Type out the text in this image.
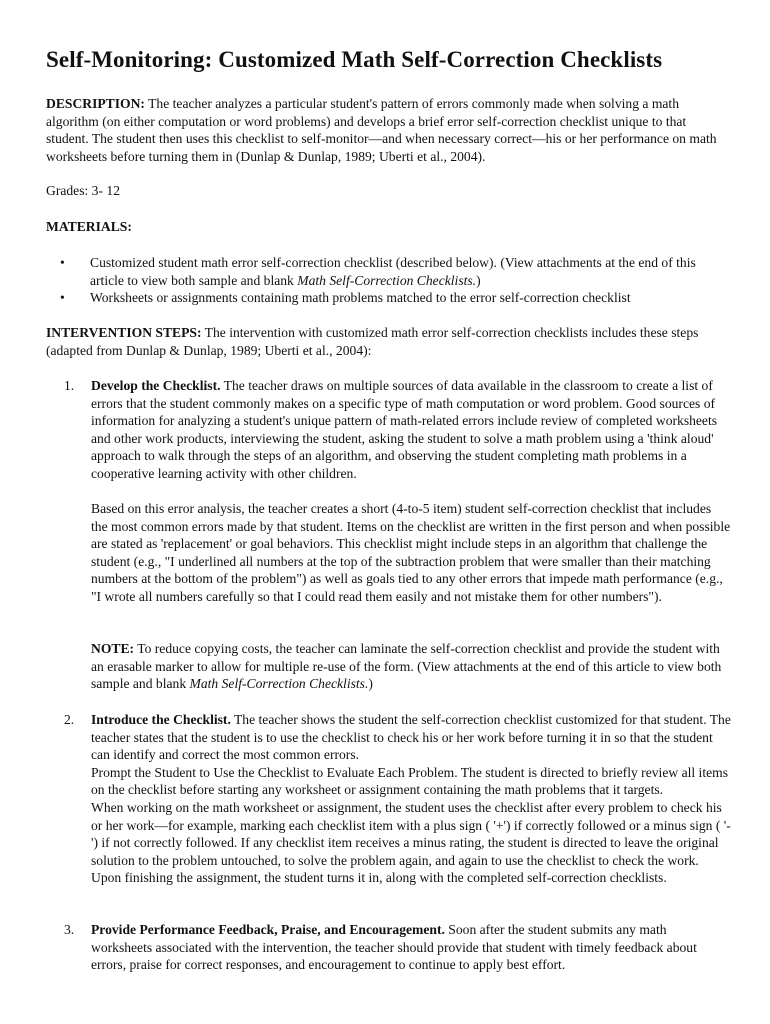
Self-Monitoring: Customized Math Self-Correction Checklists

DESCRIPTION: The teacher analyzes a particular student's pattern of errors commonly made when solving a math algorithm (on either computation or word problems) and develops a brief error self-correction checklist unique to that student. The student then uses this checklist to self-monitor—and when necessary correct—his or her performance on math worksheets before turning them in (Dunlap & Dunlap, 1989; Uberti et al., 2004).

Grades: 3- 12

MATERIALS:

• Customized student math error self-correction checklist (described below). (View attachments at the end of this article to view both sample and blank Math Self-Correction Checklists.)
• Worksheets or assignments containing math problems matched to the error self-correction checklist

INTERVENTION STEPS: The intervention with customized math error self-correction checklists includes these steps (adapted from Dunlap & Dunlap, 1989; Uberti et al., 2004):

1. Develop the Checklist. The teacher draws on multiple sources of data available in the classroom to create a list of errors that the student commonly makes on a specific type of math computation or word problem. Good sources of information for analyzing a student's unique pattern of math-related errors include review of completed worksheets and other work products, interviewing the student, asking the student to solve a math problem using a 'think aloud' approach to walk through the steps of an algorithm, and observing the student completing math problems in a cooperative learning activity with other children.

Based on this error analysis, the teacher creates a short (4-to-5 item) student self-correction checklist that includes the most common errors made by that student. Items on the checklist are written in the first person and when possible are stated as 'replacement' or goal behaviors. This checklist might include steps in an algorithm that challenge the student (e.g., "I underlined all numbers at the top of the subtraction problem that were smaller than their matching numbers at the bottom of the problem") as well as goals tied to any other errors that impede math performance (e.g., "I wrote all numbers carefully so that I could read them easily and not mistake them for other numbers").

NOTE: To reduce copying costs, the teacher can laminate the self-correction checklist and provide the student with an erasable marker to allow for multiple re-use of the form. (View attachments at the end of this article to view both sample and blank Math Self-Correction Checklists.)

2. Introduce the Checklist. The teacher shows the student the self-correction checklist customized for that student. The teacher states that the student is to use the checklist to check his or her work before turning it in so that the student can identify and correct the most common errors.
Prompt the Student to Use the Checklist to Evaluate Each Problem. The student is directed to briefly review all items on the checklist before starting any worksheet or assignment containing the math problems that it targets.
When working on the math worksheet or assignment, the student uses the checklist after every problem to check his or her work—for example, marking each checklist item with a plus sign ( '+') if correctly followed or a minus sign ( '-') if not correctly followed. If any checklist item receives a minus rating, the student is directed to leave the original solution to the problem untouched, to solve the problem again, and again to use the checklist to check the work. Upon finishing the assignment, the student turns it in, along with the completed self-correction checklists.
3. Provide Performance Feedback, Praise, and Encouragement. Soon after the student submits any math worksheets associated with the intervention, the teacher should provide that student with timely feedback about errors, praise for correct responses, and encouragement to continue to apply best effort.
